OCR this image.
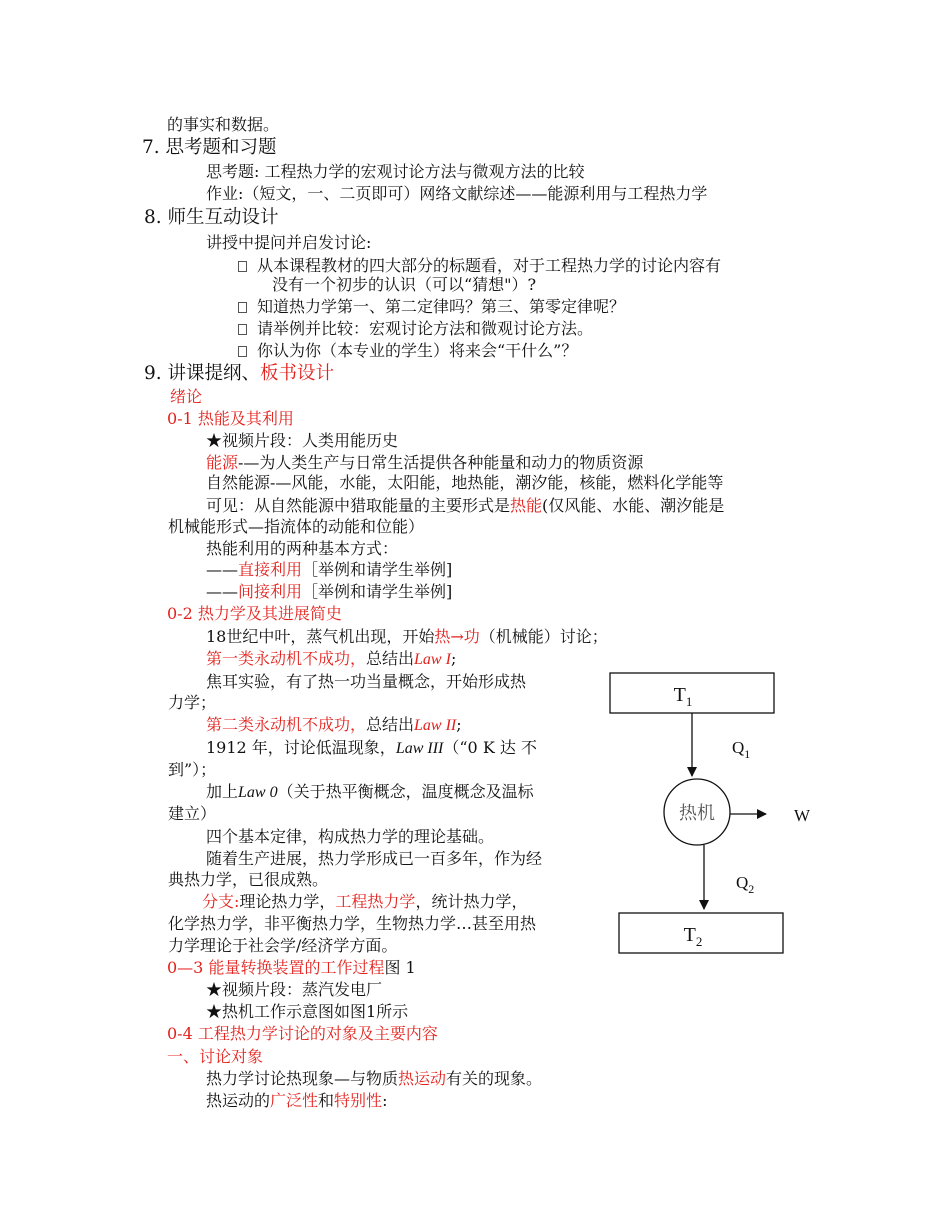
的事实和数据。
7. 思考题和习题
思考题: 工程热力学的宏观讨论方法与微观方法的比较
作业:（短文，一、二页即可）网络文献综述——能源利用与工程热力学
8. 师生互动设计
讲授中提问并启发讨论:
从本课程教材的四大部分的标题看，对于工程热力学的讨论内容有
没有一个初步的认识（可以“猜想"）?
知道热力学第一、第二定律吗？第三、第零定律呢？
请举例并比较：宏观讨论方法和微观讨论方法。
你认为你（本专业的学生）将来会“干什么”？
9. 讲课提纲、板书设计
绪论
0-1 热能及其利用
★视频片段：人类用能历史
能源-—为人类生产与日常生活提供各种能量和动力的物质资源
自然能源-—风能，水能，太阳能，地热能，潮汐能，核能，燃料化学能等
可见：从自然能源中猎取能量的主要形式是热能(仅风能、水能、潮汐能是
机械能形式—指流体的动能和位能）
热能利用的两种基本方式：
——直接利用［举例和请学生举例]
——间接利用［举例和请学生举例]
0-2 热力学及其进展简史
18世纪中叶，蒸气机出现，开始热→功（机械能）讨论；
第一类永动机不成功，总结出Law I;
焦耳实验，有了热一功当量概念，开始形成热
力学；
第二类永动机不成功，总结出Law II;
1912 年，讨论低温现象，Law III（“0 K 达 不
到”）；
加上Law 0（关于热平衡概念，温度概念及温标
建立）
四个基本定律，构成热力学的理论基础。
随着生产进展，热力学形成已一百多年，作为经
典热力学，已很成熟。
分支:理论热力学，工程热力学，统计热力学，
化学热力学，非平衡热力学，生物热力学…甚至用热
力学理论于社会学/经济学方面。
0—3 能量转换装置的工作过程图 1
★视频片段：蒸汽发电厂
★热机工作示意图如图1所示
0-4 工程热力学讨论的对象及主要内容
一、讨论对象
热力学讨论热现象—与物质热运动有关的现象。
热运动的广泛性和特别性:
$T_1$
$Q_1$
热机	W
$Q_2$
$T_2$
